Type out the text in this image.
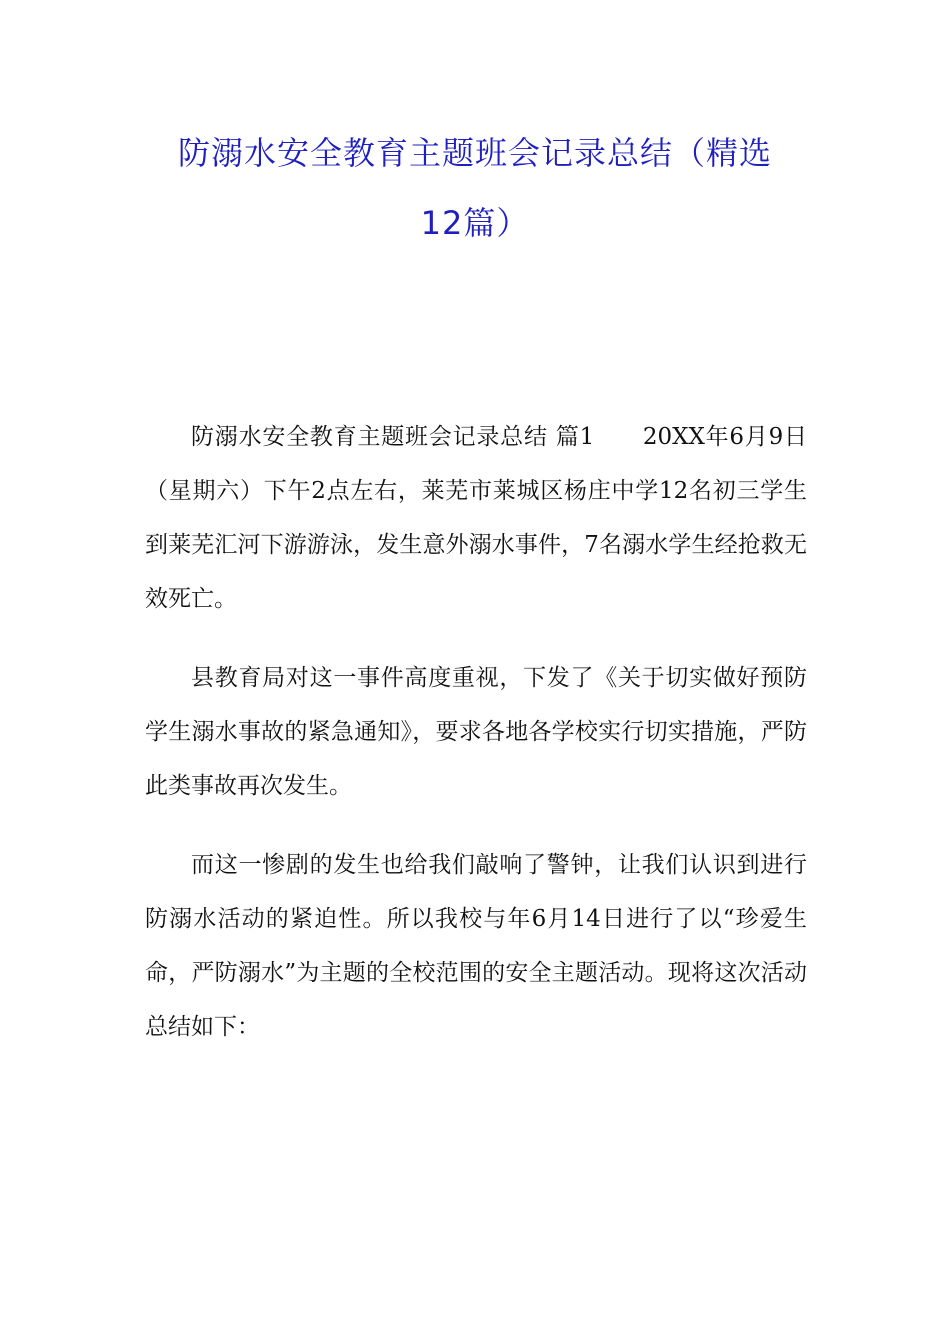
防溺水安全教育主题班会记录总结（精选
12篇）

防溺水安全教育主题班会记录总结 篇1 20XX年6月9日（星期六）下午2点左右，莱芜市莱城区杨庄中学12名初三学生到莱芜汇河下游游泳，发生意外溺水事件，7名溺水学生经抢救无效死亡。

县教育局对这一事件高度重视，下发了《关于切实做好预防学生溺水事故的紧急通知》，要求各地各学校实行切实措施，严防此类事故再次发生。

而这一惨剧的发生也给我们敲响了警钟，让我们认识到进行防溺水活动的紧迫性。所以我校与年6月14日进行了以“珍爱生命，严防溺水”为主题的全校范围的安全主题活动。现将这次活动总结如下：
